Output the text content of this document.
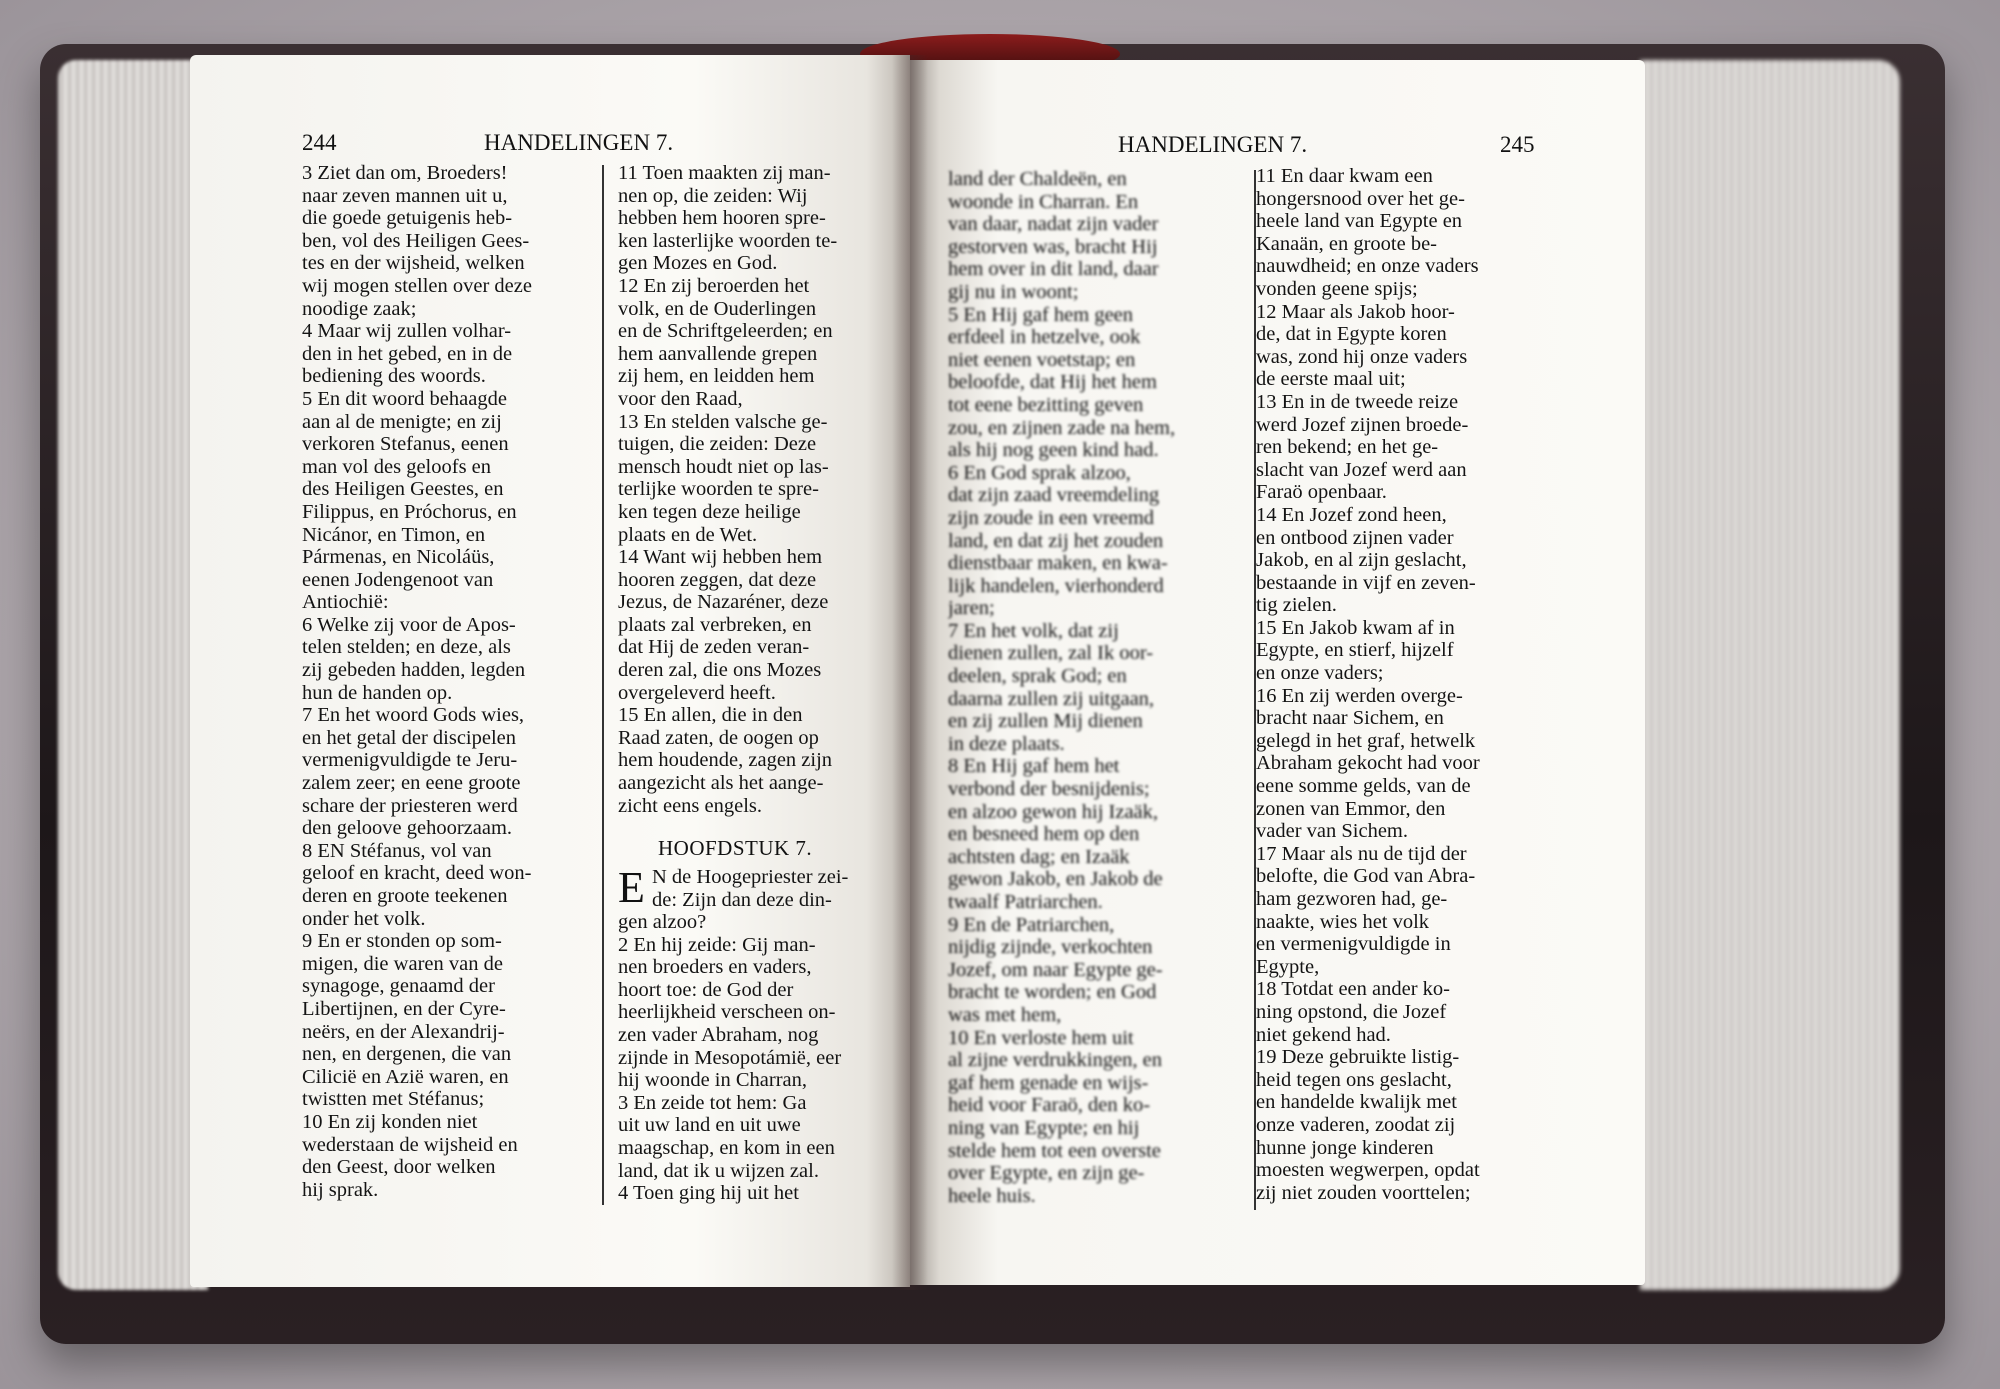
244	HANDELINGEN 7.
3 Ziet dan om, Broeders!
naar zeven mannen uit u,
die goede getuigenis heb-
ben, vol des Heiligen Gees-
tes en der wijsheid, welken
wij mogen stellen over deze
noodige zaak;
4 Maar wij zullen volhar-
den in het gebed, en in de
bediening des woords.
5 En dit woord behaagde
aan al de menigte; en zij
verkoren Stefanus, eenen
man vol des geloofs en
des Heiligen Geestes, en
Filippus, en Próchorus, en
Nicánor, en Timon, en
Pármenas, en Nicoláüs,
eenen Jodengenoot van
Antiochië:
6 Welke zij voor de Apos-
telen stelden; en deze, als
zij gebeden hadden, legden
hun de handen op.
7 En het woord Gods wies,
en het getal der discipelen
vermenigvuldigde te Jeru-
zalem zeer; en eene groote
schare der priesteren werd
den geloove gehoorzaam.
8 EN Stéfanus, vol van
geloof en kracht, deed won-
deren en groote teekenen
onder het volk.
9 En er stonden op som-
migen, die waren van de
synagoge, genaamd der
Libertijnen, en der Cyre-
neërs, en der Alexandrij-
nen, en dergenen, die van
Cilicië en Azië waren, en
twistten met Stéfanus;
10 En zij konden niet
wederstaan de wijsheid en
den Geest, door welken
hij sprak.
11 Toen maakten zij man-
nen op, die zeiden: Wij
hebben hem hooren spre-
ken lasterlijke woorden te-
gen Mozes en God.
12 En zij beroerden het
volk, en de Ouderlingen
en de Schriftgeleerden; en
hem aanvallende grepen
zij hem, en leidden hem
voor den Raad,
13 En stelden valsche ge-
tuigen, die zeiden: Deze
mensch houdt niet op las-
terlijke woorden te spre-
ken tegen deze heilige
plaats en de Wet.
14 Want wij hebben hem
hooren zeggen, dat deze
Jezus, de Nazaréner, deze
plaats zal verbreken, en
dat Hij de zeden veran-
deren zal, die ons Mozes
overgeleverd heeft.
15 En allen, die in den
Raad zaten, de oogen op
hem houdende, zagen zijn
aangezicht als het aange-
zicht eens engels.
HOOFDSTUK 7.
E N de Hoogepriester zei-
de: Zijn dan deze din-
gen alzoo?
2 En hij zeide: Gij man-
nen broeders en vaders,
hoort toe: de God der
heerlijkheid verscheen on-
zen vader Abraham, nog
zijnde in Mesopotámië, eer
hij woonde in Charran,
3 En zeide tot hem: Ga
uit uw land en uit uwe
maagschap, en kom in een
land, dat ik u wijzen zal.
4 Toen ging hij uit het
HANDELINGEN 7.	245
land der Chaldeën, en
woonde in Charran. En
van daar, nadat zijn vader
gestorven was, bracht Hij
hem over in dit land, daar
gij nu in woont;
5 En Hij gaf hem geen
erfdeel in hetzelve, ook
niet eenen voetstap; en
beloofde, dat Hij het hem
tot eene bezitting geven
zou, en zijnen zade na hem,
als hij nog geen kind had.
6 En God sprak alzoo,
dat zijn zaad vreemdeling
zijn zoude in een vreemd
land, en dat zij het zouden
dienstbaar maken, en kwa-
lijk handelen, vierhonderd
jaren;
7 En het volk, dat zij
dienen zullen, zal Ik oor-
deelen, sprak God; en
daarna zullen zij uitgaan,
en zij zullen Mij dienen
in deze plaats.
8 En Hij gaf hem het
verbond der besnijdenis;
en alzoo gewon hij Izaäk,
en besneed hem op den
achtsten dag; en Izaäk
gewon Jakob, en Jakob de
twaalf Patriarchen.
9 En de Patriarchen,
nijdig zijnde, verkochten
Jozef, om naar Egypte ge-
bracht te worden; en God
was met hem,
10 En verloste hem uit
al zijne verdrukkingen, en
gaf hem genade en wijs-
heid voor Faraö, den ko-
ning van Egypte; en hij
stelde hem tot een overste
over Egypte, en zijn ge-
heele huis.
11 En daar kwam een
hongersnood over het ge-
heele land van Egypte en
Kanaän, en groote be-
nauwdheid; en onze vaders
vonden geene spijs;
12 Maar als Jakob hoor-
de, dat in Egypte koren
was, zond hij onze vaders
de eerste maal uit;
13 En in de tweede reize
werd Jozef zijnen broede-
ren bekend; en het ge-
slacht van Jozef werd aan
Faraö openbaar.
14 En Jozef zond heen,
en ontbood zijnen vader
Jakob, en al zijn geslacht,
bestaande in vijf en zeven-
tig zielen.
15 En Jakob kwam af in
Egypte, en stierf, hijzelf
en onze vaders;
16 En zij werden overge-
bracht naar Sichem, en
gelegd in het graf, hetwelk
Abraham gekocht had voor
eene somme gelds, van de
zonen van Emmor, den
vader van Sichem.
17 Maar als nu de tijd der
belofte, die God van Abra-
ham gezworen had, ge-
naakte, wies het volk
en vermenigvuldigde in
Egypte,
18 Totdat een ander ko-
ning opstond, die Jozef
niet gekend had.
19 Deze gebruikte listig-
heid tegen ons geslacht,
en handelde kwalijk met
onze vaderen, zoodat zij
hunne jonge kinderen
moesten wegwerpen, opdat
zij niet zouden voorttelen;
